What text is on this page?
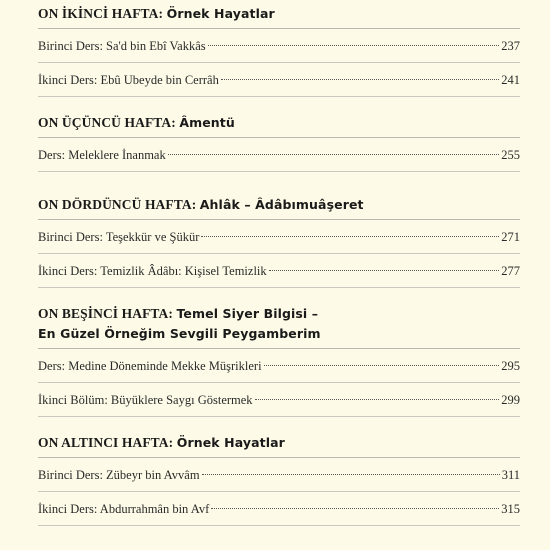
ON İKİNCİ HAFTA: Örnek Hayatlar
Birinci Ders: Sa'd bin Ebî Vakkâs	237
İkinci Ders: Ebû Ubeyde bin Cerrâh	241
ON ÜÇÜNCÜ HAFTA: Âmentü
Ders: Meleklere İnanmak	255
ON DÖRDÜNCÜ HAFTA: Ahlâk – Âdâbımuâşeret
Birinci Ders: Teşekkür ve Şükür	271
İkinci Ders: Temizlik Âdâbı: Kişisel Temizlik	277
ON BEŞİNCİ HAFTA: Temel Siyer Bilgisi –
En Güzel Örneğim Sevgili Peygamberim
Ders: Medine Döneminde Mekke Müşrikleri	295
İkinci Bölüm: Büyüklere Saygı Göstermek	299
ON ALTINCI HAFTA: Örnek Hayatlar
Birinci Ders: Zübeyr bin Avvâm	311
İkinci Ders: Abdurrahmân bin Avf	315
